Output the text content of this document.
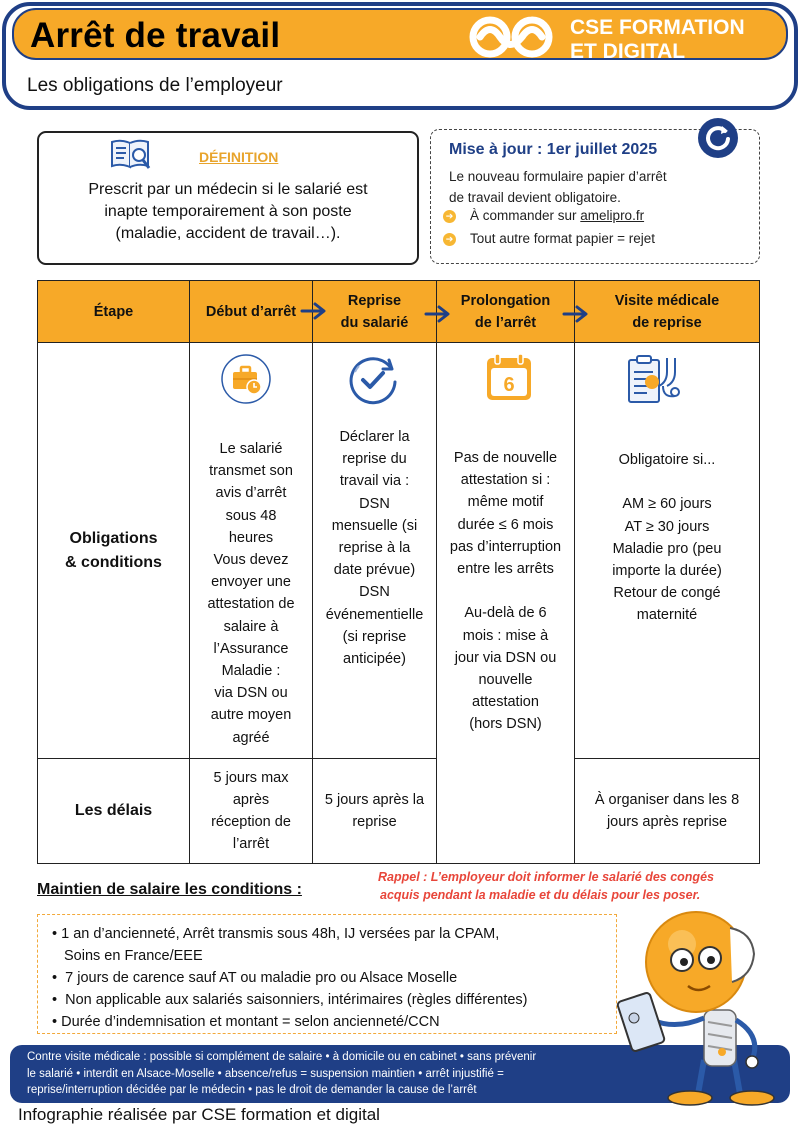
Arrêt de travail	CSE FORMATION
ET DIGITAL
Les obligations de l’employeur
DÉFINITION
Prescrit par un médecin si le salarié est
inapte temporairement à son poste
(maladie, accident de travail…).
Mise à jour : 1er juillet 2025
Le nouveau formulaire papier d’arrêt
de travail devient obligatoire.
➔ À commander sur amelipro.fr
➔ Tout autre format papier = rejet
Étape	Début d’arrêt
Reprise
du salarié
Prolongation
de l’arrêt
Visite médicale
de reprise
Obligations
& conditions
Le salarié
transmet son
avis d’arrêt
sous 48
heures
Vous devez
envoyer une
attestation de
salaire à
l’Assurance
Maladie :
via DSN ou
autre moyen
agréé
Déclarer la
reprise du
travail via :
DSN
mensuelle (si
reprise à la
date prévue)
DSN
événementielle
(si reprise
anticipée)
Pas de nouvelle
attestation si :
même motif
durée ≤ 6 mois
pas d’interruption
entre les arrêts

Au-delà de 6
mois : mise à
jour via DSN ou
nouvelle
attestation
(hors DSN)
Obligatoire si...

AM ≥ 60 jours
AT ≥ 30 jours
Maladie pro (peu
importe la durée)
Retour de congé
maternité
Les délais
5 jours max
après
réception de
l’arrêt
5 jours après la
reprise
À organiser dans les 8
jours après reprise
6
Rappel : L’employeur doit informer le salarié des congés
acquis pendant la maladie et du délais pour les poser.
Maintien de salaire les conditions :
• 1 an d’ancienneté, Arrêt transmis sous 48h, IJ versées par la CPAM,
Soins en France/EEE
•  7 jours de carence sauf AT ou maladie pro ou Alsace Moselle
•  Non applicable aux salariés saisonniers, intérimaires (règles différentes)
• Durée d’indemnisation et montant = selon ancienneté/CCN
Contre visite médicale : possible si complément de salaire • à domicile ou en cabinet • sans prévenir
le salarié • interdit en Alsace-Moselle • absence/refus = suspension maintien • arrêt injustifié =
reprise/interruption décidée par le médecin • pas le droit de demander la cause de l’arrêt
Infographie réalisée par CSE formation et digital
